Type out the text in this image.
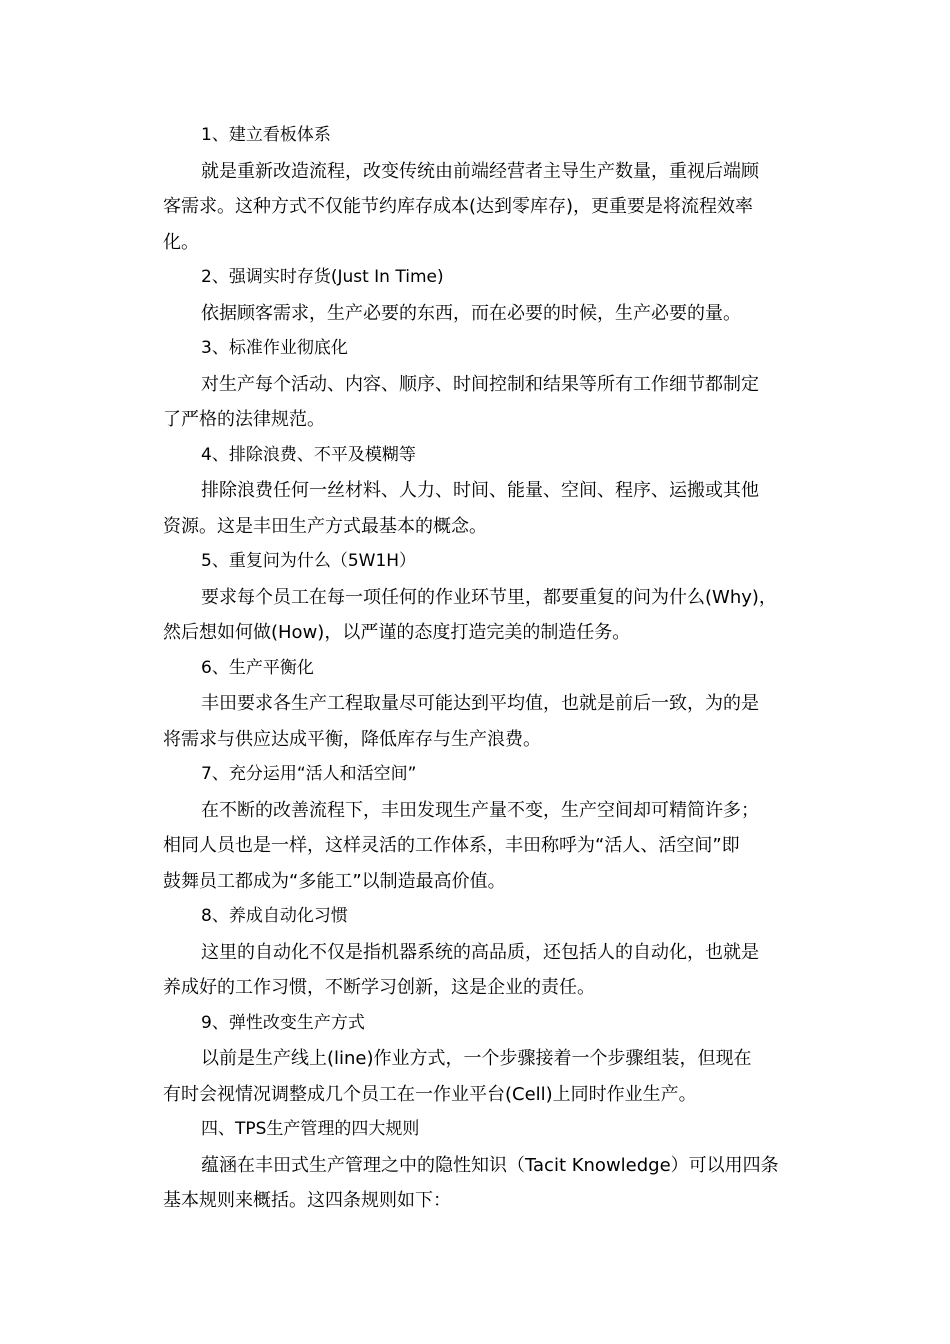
1、建立看板体系
就是重新改造流程，改变传统由前端经营者主导生产数量，重视后端顾
客需求。这种方式不仅能节约库存成本(达到零库存)，更重要是将流程效率
化。
2、强调实时存货(Just In Time)
依据顾客需求，生产必要的东西，而在必要的时候，生产必要的量。
3、标准作业彻底化
对生产每个活动、内容、顺序、时间控制和结果等所有工作细节都制定
了严格的法律规范。
4、排除浪费、不平及模糊等
排除浪费任何一丝材料、人力、时间、能量、空间、程序、运搬或其他
资源。这是丰田生产方式最基本的概念。
5、重复问为什么（5W1H）
要求每个员工在每一项任何的作业环节里，都要重复的问为什么(Why)，
然后想如何做(How)，以严谨的态度打造完美的制造任务。
6、生产平衡化
丰田要求各生产工程取量尽可能达到平均值，也就是前后一致，为的是
将需求与供应达成平衡，降低库存与生产浪费。
7、充分运用“活人和活空间”
在不断的改善流程下，丰田发现生产量不变，生产空间却可精简许多；
相同人员也是一样，这样灵活的工作体系，丰田称呼为“活人、活空间”即
鼓舞员工都成为“多能工”以制造最高价值。
8、养成自动化习惯
这里的自动化不仅是指机器系统的高品质，还包括人的自动化，也就是
养成好的工作习惯，不断学习创新，这是企业的责任。
9、弹性改变生产方式
以前是生产线上(line)作业方式，一个步骤接着一个步骤组装，但现在
有时会视情况调整成几个员工在一作业平台(Cell)上同时作业生产。
四、TPS生产管理的四大规则
蕴涵在丰田式生产管理之中的隐性知识（Tacit Knowledge）可以用四条
基本规则来概括。这四条规则如下：
